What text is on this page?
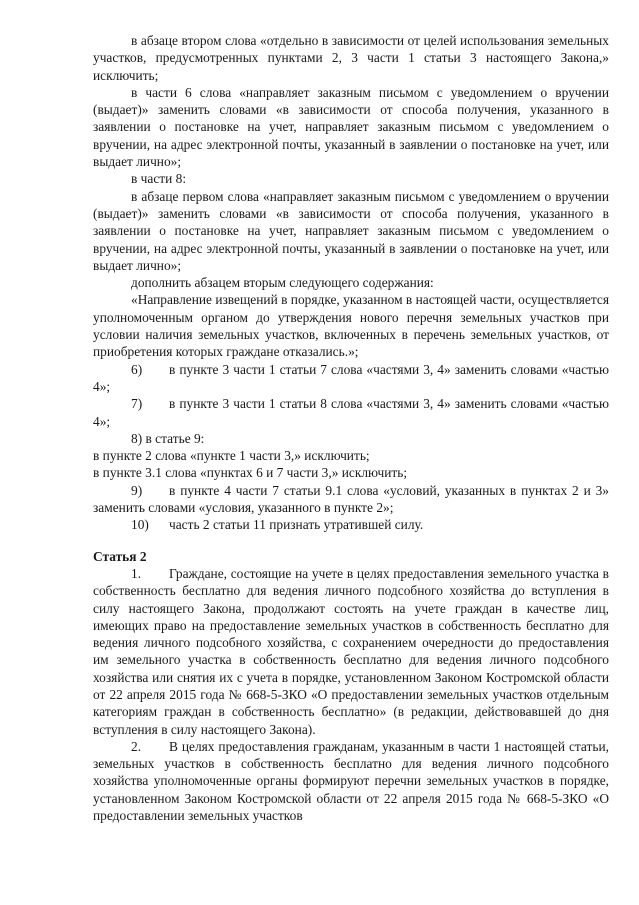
в абзаце втором слова «отдельно в зависимости от целей использования земельных участков, предусмотренных пунктами 2, 3 части 1 статьи 3 настоящего Закона,» исключить;

в части 6 слова «направляет заказным письмом с уведомлением о вручении (выдает)» заменить словами «в зависимости от способа получения, указанного в заявлении о постановке на учет, направляет заказным письмом с уведомлением о вручении, на адрес электронной почты, указанный в заявлении о постановке на учет, или выдает лично»;

в части 8:

в абзаце первом слова «направляет заказным письмом с уведомлением о вручении (выдает)» заменить словами «в зависимости от способа получения, указанного в заявлении о постановке на учет, направляет заказным письмом с уведомлением о вручении, на адрес электронной почты, указанный в заявлении о постановке на учет, или выдает лично»;

дополнить абзацем вторым следующего содержания:

«Направление извещений в порядке, указанном в настоящей части, осуществляется уполномоченным органом до утверждения нового перечня земельных участков при условии наличия земельных участков, включенных в перечень земельных участков, от приобретения которых граждане отказались.»;

6) в пункте 3 части 1 статьи 7 слова «частями 3, 4» заменить словами «частью 4»;

7) в пункте 3 части 1 статьи 8 слова «частями 3, 4» заменить словами «частью 4»;

8) в статье 9:

в пункте 2 слова «пункте 1 части 3,» исключить;

в пункте 3.1 слова «пунктах 6 и 7 части 3,» исключить;

9) в пункте 4 части 7 статьи 9.1 слова «условий, указанных в пунктах 2 и 3» заменить словами «условия, указанного в пункте 2»;

10) часть 2 статьи 11 признать утратившей силу.

Статья 2

1. Граждане, состоящие на учете в целях предоставления земельного участка в собственность бесплатно для ведения личного подсобного хозяйства до вступления в силу настоящего Закона, продолжают состоять на учете граждан в качестве лиц, имеющих право на предоставление земельных участков в собственность бесплатно для ведения личного подсобного хозяйства, с сохранением очередности до предоставления им земельного участка в собственность бесплатно для ведения личного подсобного хозяйства или снятия их с учета в порядке, установленном Законом Костромской области от 22 апреля 2015 года № 668-5-ЗКО «О предоставлении земельных участков отдельным категориям граждан в собственность бесплатно» (в редакции, действовавшей до дня вступления в силу настоящего Закона).

2. В целях предоставления гражданам, указанным в части 1 настоящей статьи, земельных участков в собственность бесплатно для ведения личного подсобного хозяйства уполномоченные органы формируют перечни земельных участков в порядке, установленном Законом Костромской области от 22 апреля 2015 года № 668-5-ЗКО «О предоставлении земельных участков
